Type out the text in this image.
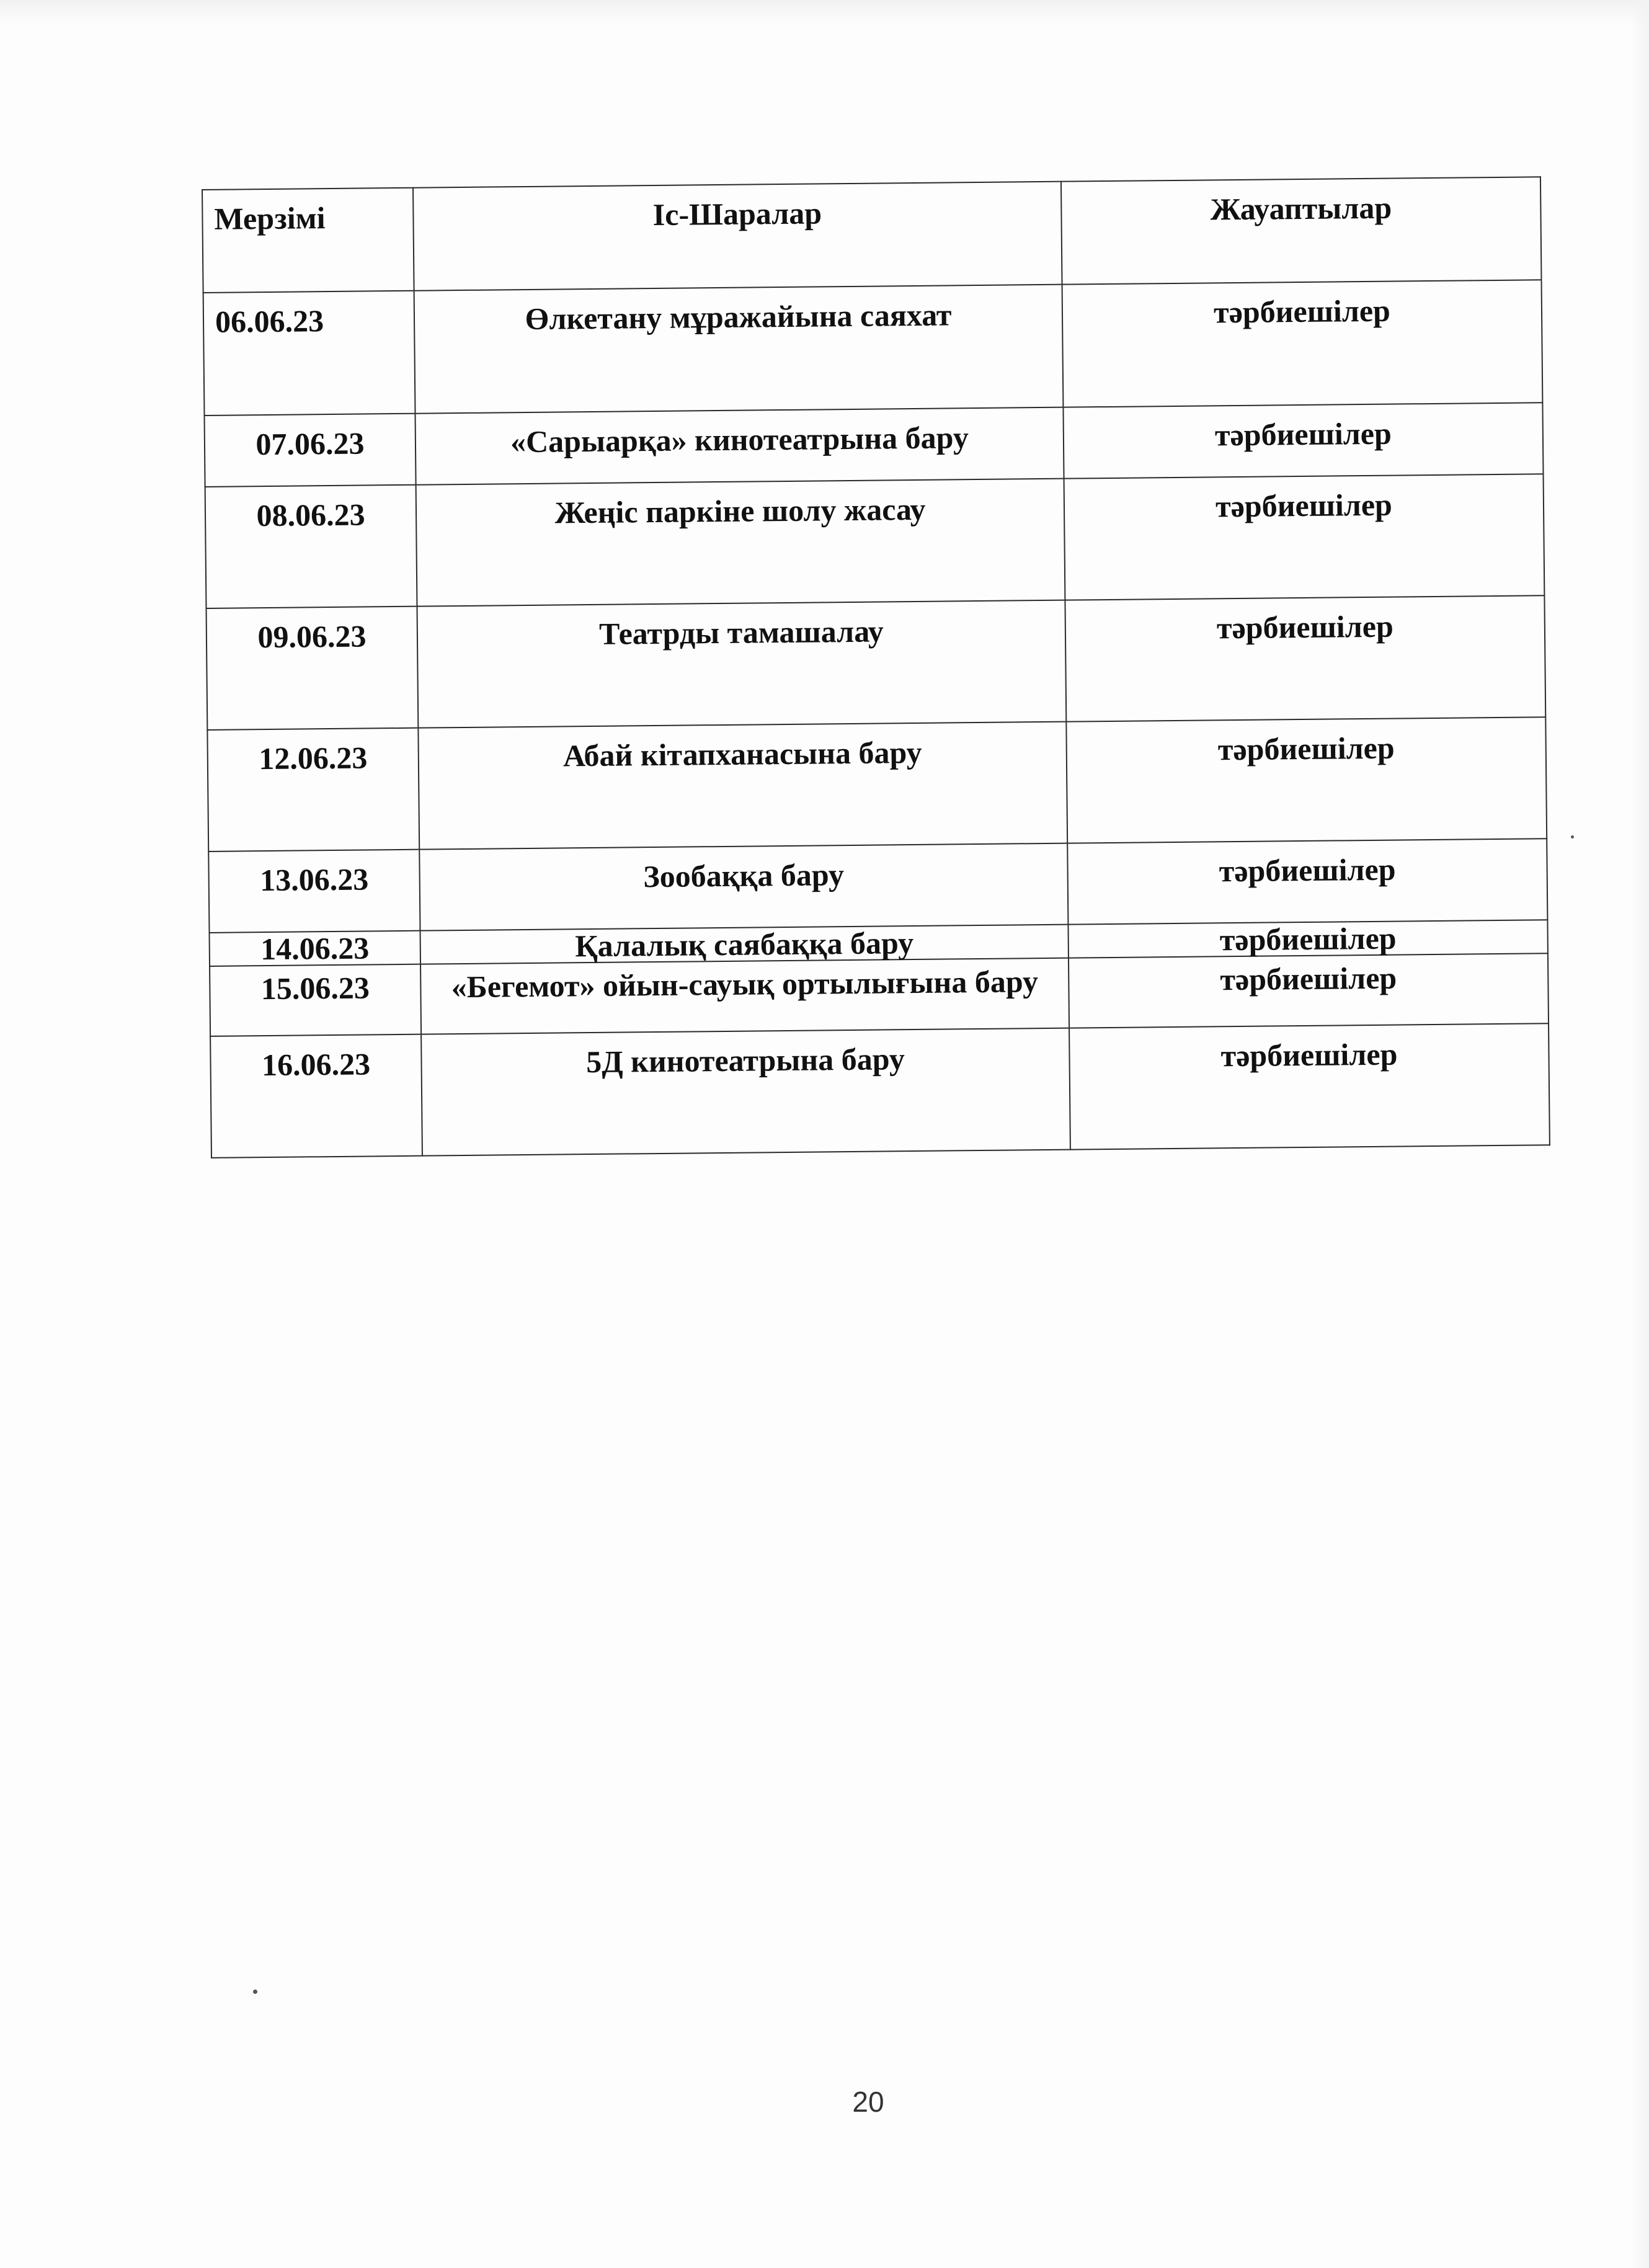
Мерзімі	Іс-Шаралар	Жауаптылар
06.06.23	Өлкетану мұражайына саяхат	тәрбиешілер
07.06.23	«Сарыарқа» кинотеатрына бару	тәрбиешілер
08.06.23	Жеңіс паркіне шолу жасау	тәрбиешілер
09.06.23	Театрды тамашалау	тәрбиешілер
12.06.23	Абай кітапханасына бару	тәрбиешілер
13.06.23	Зообаққа бару	тәрбиешілер
14.06.23	Қалалық саябаққа бару	тәрбиешілер
15.06.23	«Бегемот» ойын-сауық ортылығына бару	тәрбиешілер
16.06.23	5Д кинотеатрына бару	тәрбиешілер
20
